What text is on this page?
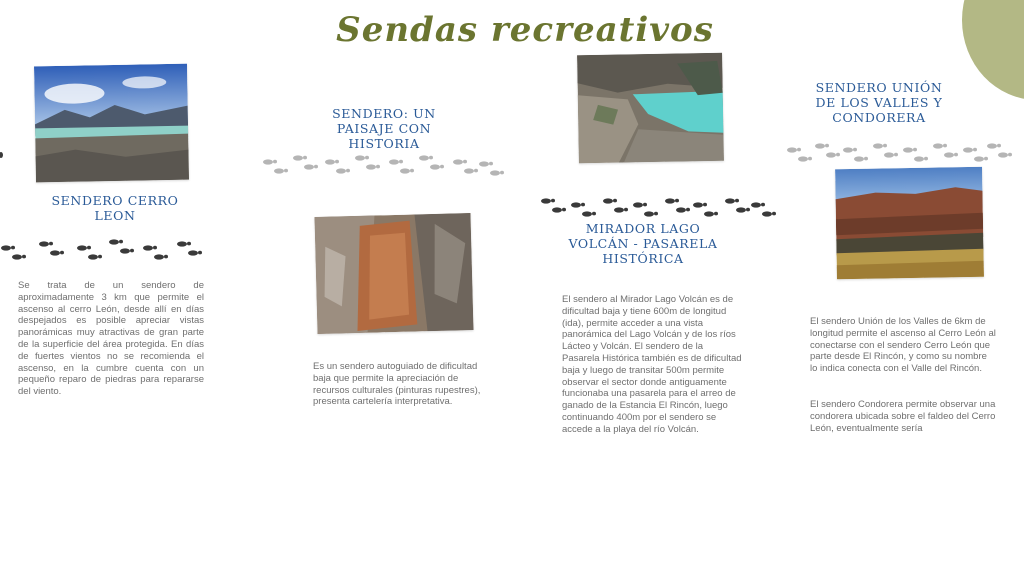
Sendas recreativos
SENDERO CERRO LEON

Se trata de un sendero de aproximadamente 3 km que permite el ascenso al cerro León, desde allí en días despejados es posible apreciar vistas panorámicas muy atractivas de gran parte de la superficie del área protegida. En días de fuertes vientos no se recomienda el ascenso, en la cumbre cuenta con un pequeño reparo de piedras para repararse del viento.

SENDERO: UN PAISAJE CON HISTORIA

Es un sendero autoguiado de dificultad baja que permite la apreciación de recursos culturales (pinturas rupestres), presenta cartelería interpretativa.

MIRADOR LAGO VOLCÁN - PASARELA HISTÓRICA

El sendero al Mirador Lago Volcán es de dificultad baja y tiene 600m de longitud (ida), permite acceder a una vista panorámica del Lago Volcán y de los ríos Lácteo y Volcán. El sendero de la Pasarela Histórica también es de dificultad baja y luego de transitar 500m permite observar el sector donde antiguamente funcionaba una pasarela para el arreo de ganado de la Estancia El Rincón, luego continuando 400m por el sendero se accede a la playa del río Volcán.

SENDERO UNIÓN DE LOS VALLES Y CONDORERA

El sendero Unión de los Valles de 6km de longitud permite el ascenso al Cerro León al conectarse con el sendero Cerro León que parte desde El Rincón, y como su nombre lo indica conecta con el Valle del Rincón.

El sendero Condorera permite observar una condorera ubicada sobre el faldeo del Cerro León, eventualmente sería
